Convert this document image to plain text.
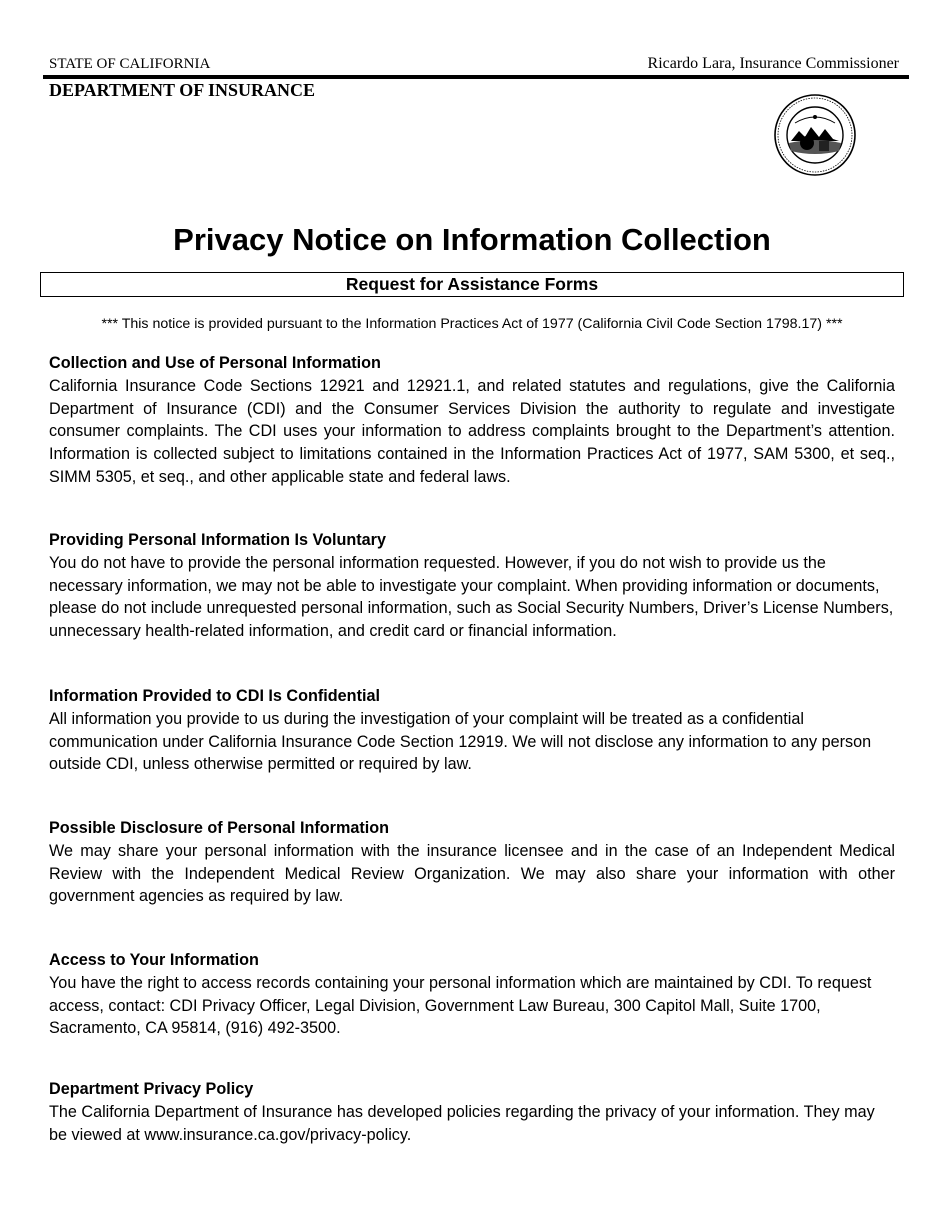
STATE OF CALIFORNIA	Ricardo Lara, Insurance Commissioner
DEPARTMENT OF INSURANCE
Privacy Notice on Information Collection
Request for Assistance Forms
*** This notice is provided pursuant to the Information Practices Act of 1977 (California Civil Code Section 1798.17) ***
Collection and Use of Personal Information
California Insurance Code Sections 12921 and 12921.1, and related statutes and regulations, give the California Department of Insurance (CDI) and the Consumer Services Division the authority to regulate and investigate consumer complaints. The CDI uses your information to address complaints brought to the Department’s attention. Information is collected subject to limitations contained in the Information Practices Act of 1977, SAM 5300, et seq., SIMM 5305, et seq., and other applicable state and federal laws.
Providing Personal Information Is Voluntary
You do not have to provide the personal information requested. However, if you do not wish to provide us the necessary information, we may not be able to investigate your complaint. When providing information or documents, please do not include unrequested personal information, such as Social Security Numbers, Driver’s License Numbers, unnecessary health-related information, and credit card or financial information.
Information Provided to CDI Is Confidential
All information you provide to us during the investigation of your complaint will be treated as a confidential communication under California Insurance Code Section 12919. We will not disclose any information to any person outside CDI, unless otherwise permitted or required by law.
Possible Disclosure of Personal Information
We may share your personal information with the insurance licensee and in the case of an Independent Medical Review with the Independent Medical Review Organization. We may also share your information with other government agencies as required by law.
Access to Your Information
You have the right to access records containing your personal information which are maintained by CDI. To request access, contact: CDI Privacy Officer, Legal Division, Government Law Bureau, 300 Capitol Mall, Suite 1700, Sacramento, CA 95814, (916) 492-3500.
Department Privacy Policy
The California Department of Insurance has developed policies regarding the privacy of your information. They may be viewed at www.insurance.ca.gov/privacy-policy.
